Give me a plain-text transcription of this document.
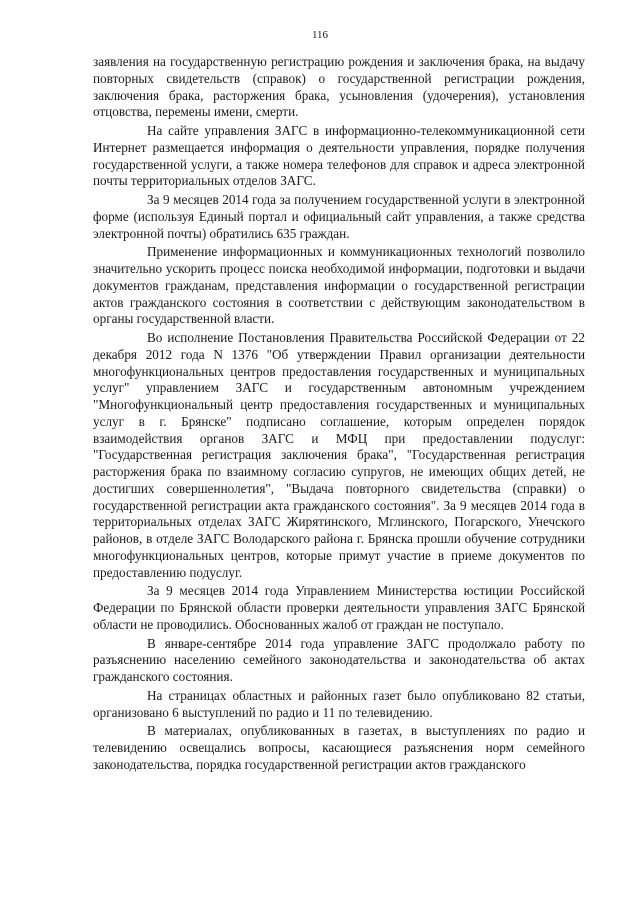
116

заявления на государственную регистрацию рождения и заключения брака, на выдачу повторных свидетельств (справок) о государственной регистрации рождения, заключения брака, расторжения брака, усыновления (удочерения), установления отцовства, перемены имени, смерти.

На сайте управления ЗАГС в информационно-телекоммуникационной сети Интернет размещается информация о деятельности управления, порядке получения государственной услуги, а также номера телефонов для справок и адреса электронной почты территориальных отделов ЗАГС.

За 9 месяцев 2014 года за получением государственной услуги в электронной форме (используя Единый портал и официальный сайт управления, а также средства электронной почты) обратились 635 граждан.

Применение информационных и коммуникационных технологий позволило значительно ускорить процесс поиска необходимой информации, подготовки и выдачи документов гражданам, представления информации о государственной регистрации актов гражданского состояния в соответствии с действующим законодательством в органы государственной власти.

Во исполнение Постановления Правительства Российской Федерации от 22 декабря 2012 года N 1376 "Об утверждении Правил организации деятельности многофункциональных центров предоставления государственных и муниципальных услуг" управлением ЗАГС и государственным автономным учреждением "Многофункциональный центр предоставления государственных и муниципальных услуг в г. Брянске" подписано соглашение, которым определен порядок взаимодействия органов ЗАГС и МФЦ при предоставлении подуслуг: "Государственная регистрация заключения брака", "Государственная регистрация расторжения брака по взаимному согласию супругов, не имеющих общих детей, не достигших совершеннолетия", "Выдача повторного свидетельства (справки) о государственной регистрации акта гражданского состояния". За 9 месяцев 2014 года в территориальных отделах ЗАГС Жирятинского, Мглинского, Погарского, Унечского районов, в отделе ЗАГС Володарского района г. Брянска прошли обучение сотрудники многофункциональных центров, которые примут участие в приеме документов по предоставлению подуслуг.

За 9 месяцев 2014 года Управлением Министерства юстиции Российской Федерации по Брянской области проверки деятельности управления ЗАГС Брянской области не проводились. Обоснованных жалоб от граждан не поступало.

В январе-сентябре 2014 года управление ЗАГС продолжало работу по разъяснению населению семейного законодательства и законодательства об актах гражданского состояния.

На страницах областных и районных газет было опубликовано 82 статьи, организовано 6 выступлений по радио и 11 по телевидению.

В материалах, опубликованных в газетах, в выступлениях по радио и телевидению освещались вопросы, касающиеся разъяснения норм семейного законодательства, порядка государственной регистрации актов гражданского
